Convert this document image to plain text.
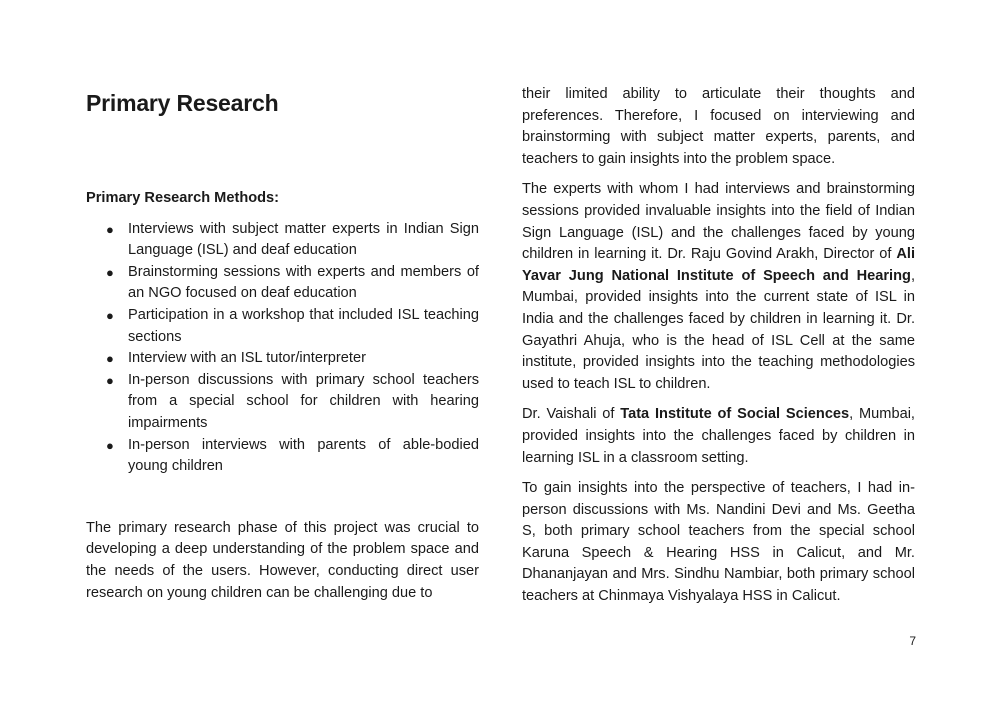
Primary Research
Primary Research Methods:
● Interviews with subject matter experts in Indian Sign Language (ISL) and deaf education
● Brainstorming sessions with experts and members of an NGO focused on deaf education
● Participation in a workshop that included ISL teaching sections
● Interview with an ISL tutor/interpreter
● In-person discussions with primary school teachers from a special school for children with hearing impairments
● In-person interviews with parents of able-bodied young children

The primary research phase of this project was crucial to developing a deep understanding of the problem space and the needs of the users. However, conducting direct user research on young children can be challenging due to

their limited ability to articulate their thoughts and preferences. Therefore, I focused on interviewing and brainstorming with subject matter experts, parents, and teachers to gain insights into the problem space.

The experts with whom I had interviews and brainstorming sessions provided invaluable insights into the field of Indian Sign Language (ISL) and the challenges faced by young children in learning it. Dr. Raju Govind Arakh, Director of Ali Yavar Jung National Institute of Speech and Hearing, Mumbai, provided insights into the current state of ISL in India and the challenges faced by children in learning it. Dr. Gayathri Ahuja, who is the head of ISL Cell at the same institute, provided insights into the teaching methodologies used to teach ISL to children.

Dr. Vaishali of Tata Institute of Social Sciences, Mumbai, provided insights into the challenges faced by children in learning ISL in a classroom setting.

To gain insights into the perspective of teachers, I had in-person discussions with Ms. Nandini Devi and Ms. Geetha S, both primary school teachers from the special school Karuna Speech & Hearing HSS in Calicut, and Mr. Dhananjayan and Mrs. Sindhu Nambiar, both primary school teachers at Chinmaya Vishyalaya HSS in Calicut.

7
